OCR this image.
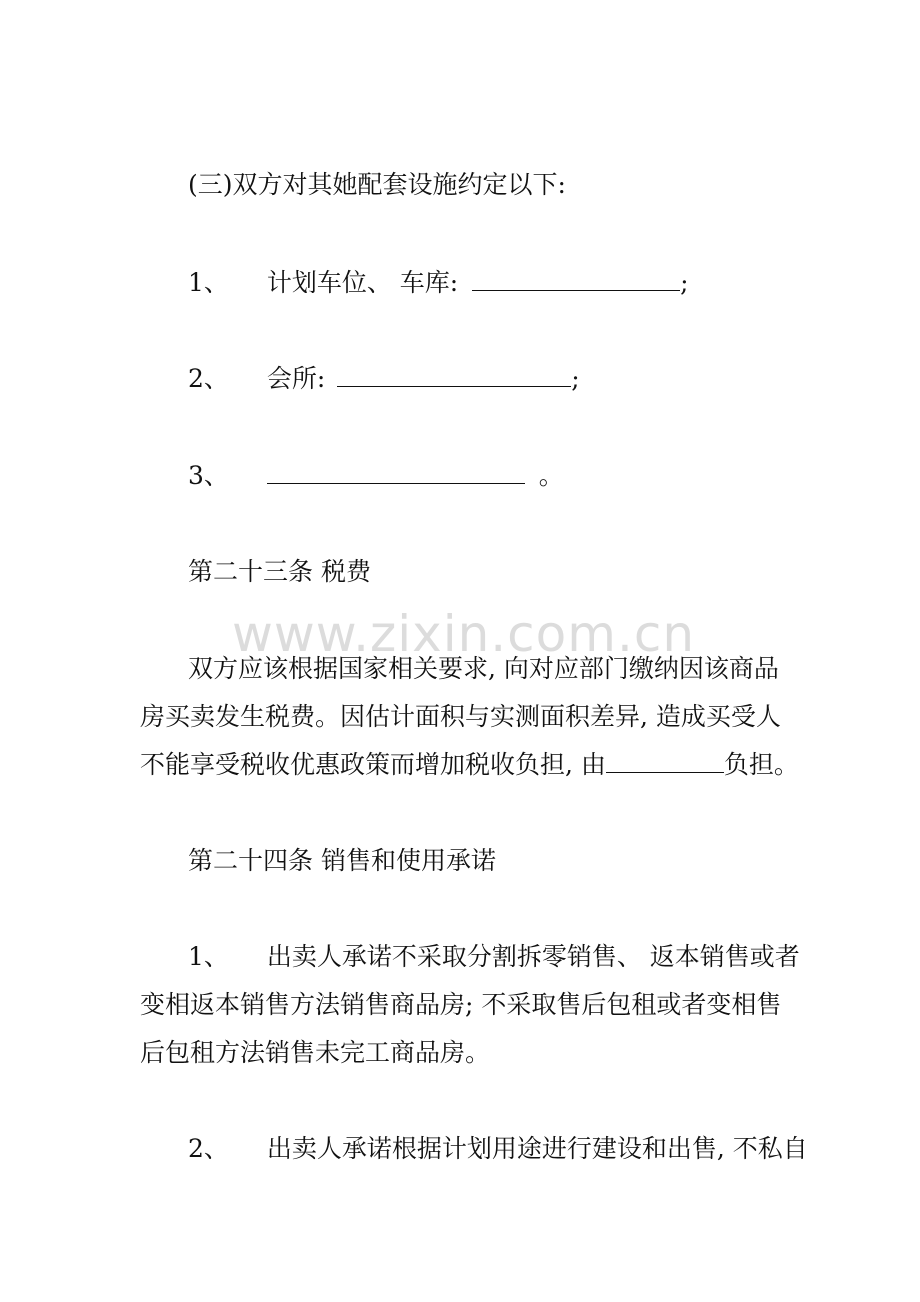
www.zixin.com.cn
(三)双方对其她配套设施约定以下:
1、 计划车位、 车库:	;
2、 会所:	;
3、	。
第二十三条 税费
双方应该根据国家相关要求, 向对应部门缴纳因该商品
房买卖发生税费。因估计面积与实测面积差异, 造成买受人
不能享受税收优惠政策而增加税收负担, 由	负担。
第二十四条 销售和使用承诺
1、 出卖人承诺不采取分割拆零销售、 返本销售或者
变相返本销售方法销售商品房; 不采取售后包租或者变相售
后包租方法销售未完工商品房。
2、 出卖人承诺根据计划用途进行建设和出售, 不私自
